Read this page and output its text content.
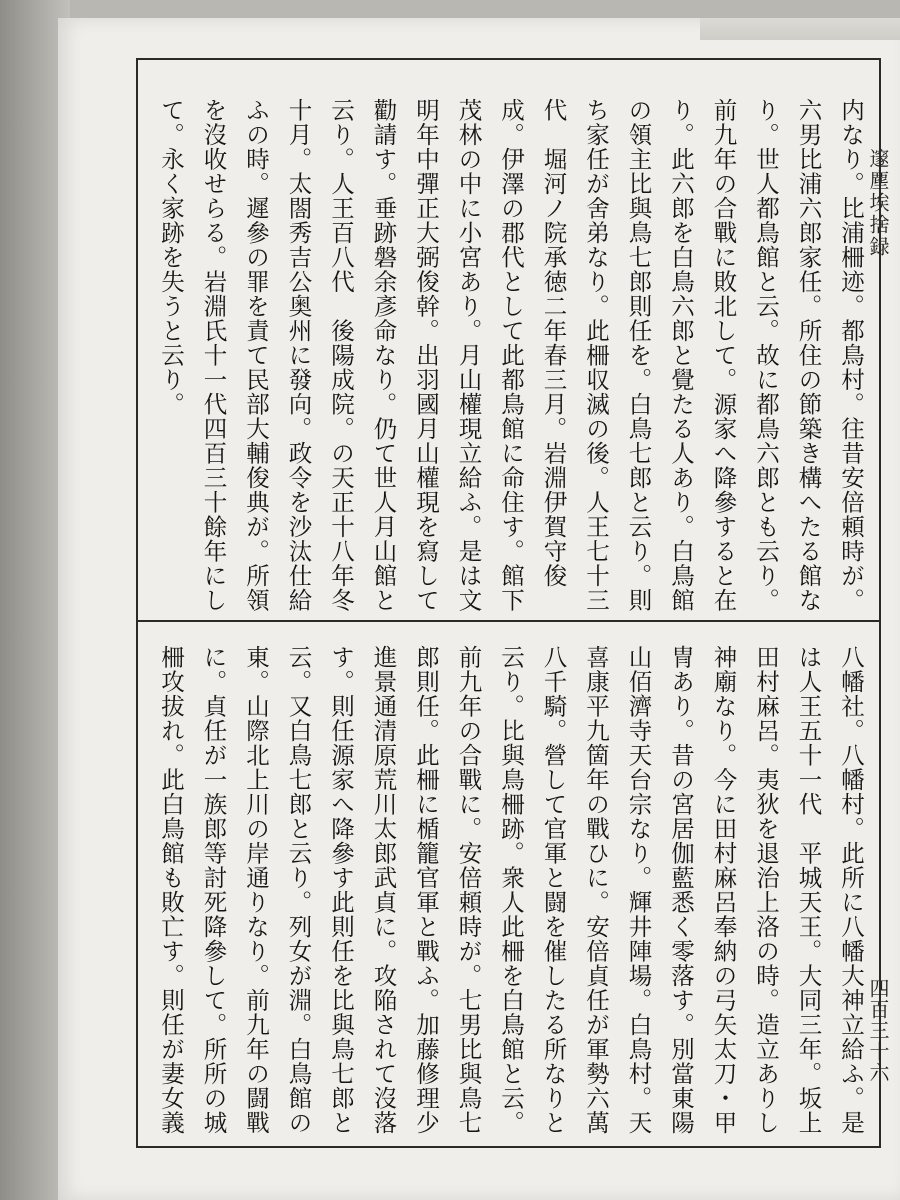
内なり。比浦柵迹。都鳥村。往昔安倍頼時が。六男比浦六郎家任。所住の節築き構へたる館なり。世人都鳥館と云。故に都鳥六郎とも云り。前九年の合戰に敗北して。源家へ降參すると在り。此六郎を白鳥六郎と覺たる人あり。白鳥館の領主比與鳥七郎則任を。白鳥七郎と云り。則ち家任が舍弟なり。此柵収滅の後。人王七十三代　堀河ノ院承徳二年春三月。岩淵伊賀守俊成。伊澤の郡代として此都鳥館に命住す。館下茂林の中に小宮あり。月山權現立給ふ。是は文明年中彈正大弼俊幹。出羽國月山權現を寫して勸請す。垂跡磐余彥命なり。仍て世人月山館と云り。人王百八代　後陽成院。の天正十八年冬十月。太閤秀吉公奥州に發向。政令を沙汰仕給ふの時。遲參の罪を責て民部大輔俊典が。所領を沒收せらる。岩淵氏十一代四百三十餘年にして。永く家跡を失うと云り。
八幡社。八幡村。此所に八幡大神立給ふ。是は人王五十一代　平城天王。大同三年。坂上田村麻呂。夷狄を退治上洛の時。造立ありし神廟なり。今に田村麻呂奉納の弓矢太刀・甲冑あり。昔の宮居伽藍悉く零落す。別當東陽山佰濟寺天台宗なり。輝井陣場。白鳥村。天喜康平九箇年の戰ひに。安倍貞任が軍勢六萬八千騎。營して官軍と闘を催したる所なりと云り。比與鳥柵跡。衆人此柵を白鳥館と云。前九年の合戰に。安倍頼時が。七男比與鳥七郎則任。此柵に楯籠官軍と戰ふ。加藤修理少進景通清原荒川太郎武貞に。攻陥されて沒落す。則任源家へ降參す此則任を比與鳥七郎と云。又白鳥七郎と云り。列女が淵。白鳥館の東。山際北上川の岸通りなり。前九年の闘戰に。貞任が一族郎等討死降參して。所所の城柵攻拔れ。此白鳥館も敗亡す。則任が妻女義
邃塵埃捨録
四百三十六
